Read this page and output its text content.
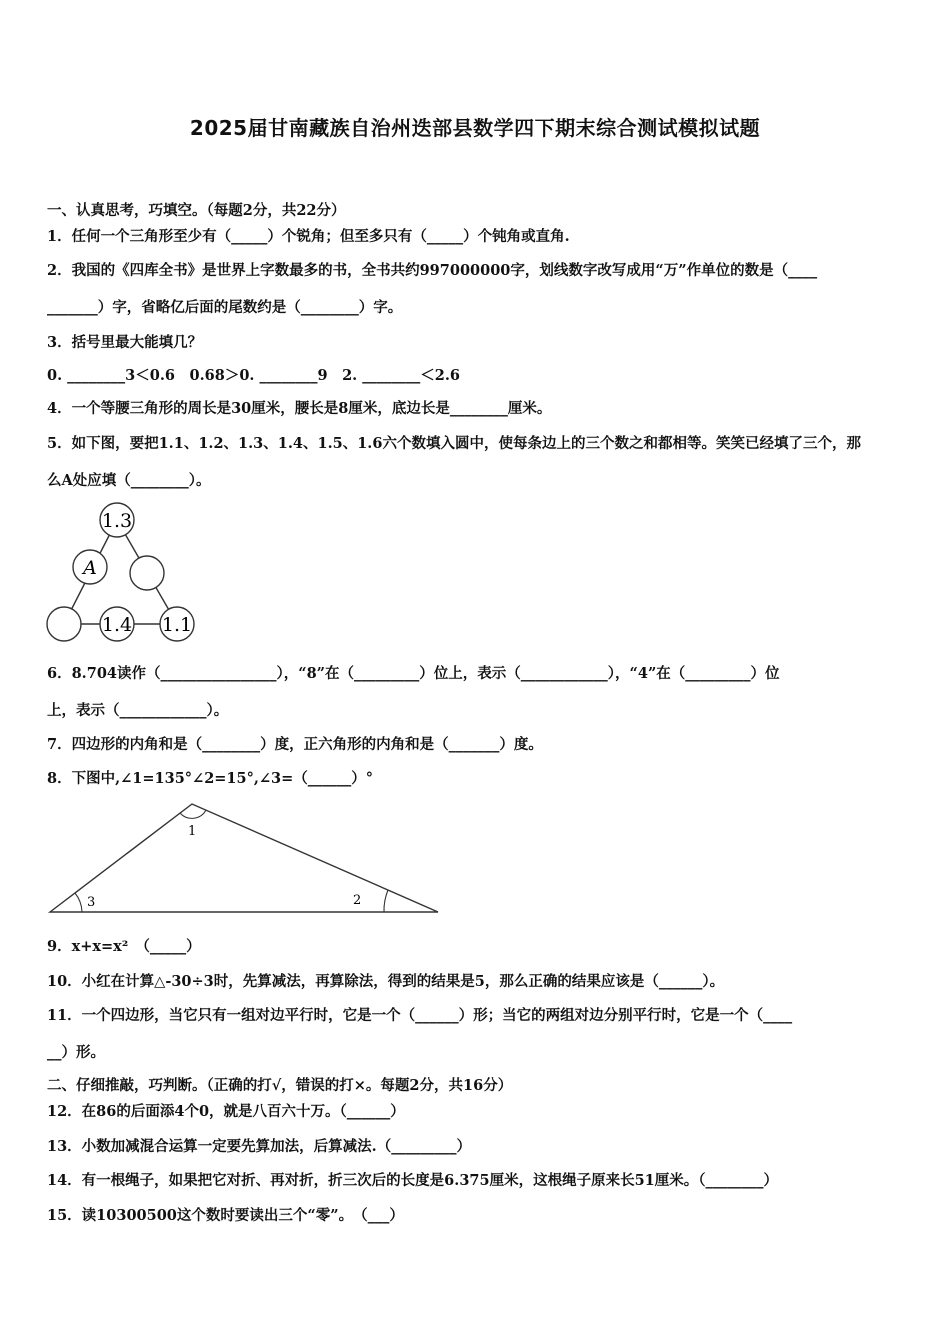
2025届甘南藏族自治州迭部县数学四下期末综合测试模拟试题
一、认真思考，巧填空。（每题2分，共22分）
1．任何一个三角形至少有（_____）个锐角；但至多只有（_____）个钝角或直角.
2．我国的《四库全书》是世界上字数最多的书，全书共约997000000字，划线数字改写成用“万”作单位的数是（____
_______）字，省略亿后面的尾数约是（________）字。
3．括号里最大能填几？
0. ________3＜0.6　0.68＞0. ________9　2. ________＜2.6
4．一个等腰三角形的周长是30厘米，腰长是8厘米，底边长是________厘米。
5．如下图，要把1.1、1.2、1.3、1.4、1.5、1.6六个数填入圆中，使每条边上的三个数之和都相等。笑笑已经填了三个，那
么A处应填（________）。
1.3
A
1.4 1.1
6．8.704读作（________________），“8”在（_________）位上，表示（____________），“4”在（_________）位
上，表示（____________）。
7．四边形的内角和是（________）度，正六角形的内角和是（_______）度。
8．下图中,∠1=135°∠2=15°,∠3=（______）°
1
2
3
9．x+x=x²　（_____）
10．小红在计算△-30÷3时，先算减法，再算除法，得到的结果是5，那么正确的结果应该是（______）。
11．一个四边形，当它只有一组对边平行时，它是一个（______）形；当它的两组对边分别平行时，它是一个（____
__）形。
二、仔细推敲，巧判断。（正确的打√，错误的打×。每题2分，共16分）
12．在86的后面添4个0，就是八百六十万。（______）
13．小数加减混合运算一定要先算加法，后算减法.（_________）
14．有一根绳子，如果把它对折、再对折，折三次后的长度是6.375厘米，这根绳子原来长51厘米。（________）
15．读10300500这个数时要读出三个“零”。　（___）
